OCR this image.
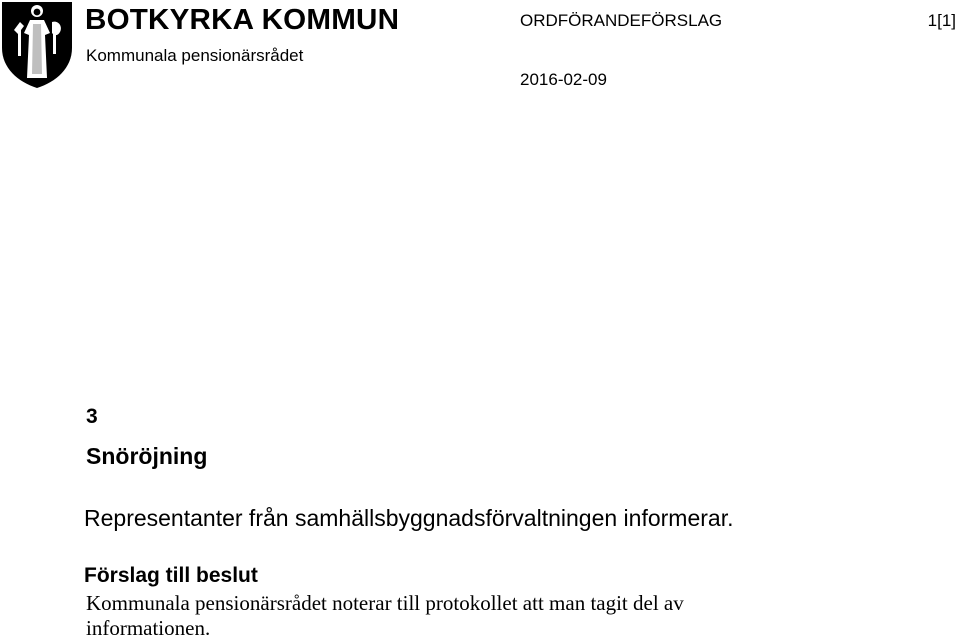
BOTKYRKA KOMMUN
Kommunala pensionärsrådet
ORDFÖRANDEFÖRSLAG	1[1]
2016-02-09
3
Snöröjning
Representanter från samhällsbyggnadsförvaltningen informerar.
Förslag till beslut
Kommunala pensionärsrådet noterar till protokollet att man tagit del av informationen.
